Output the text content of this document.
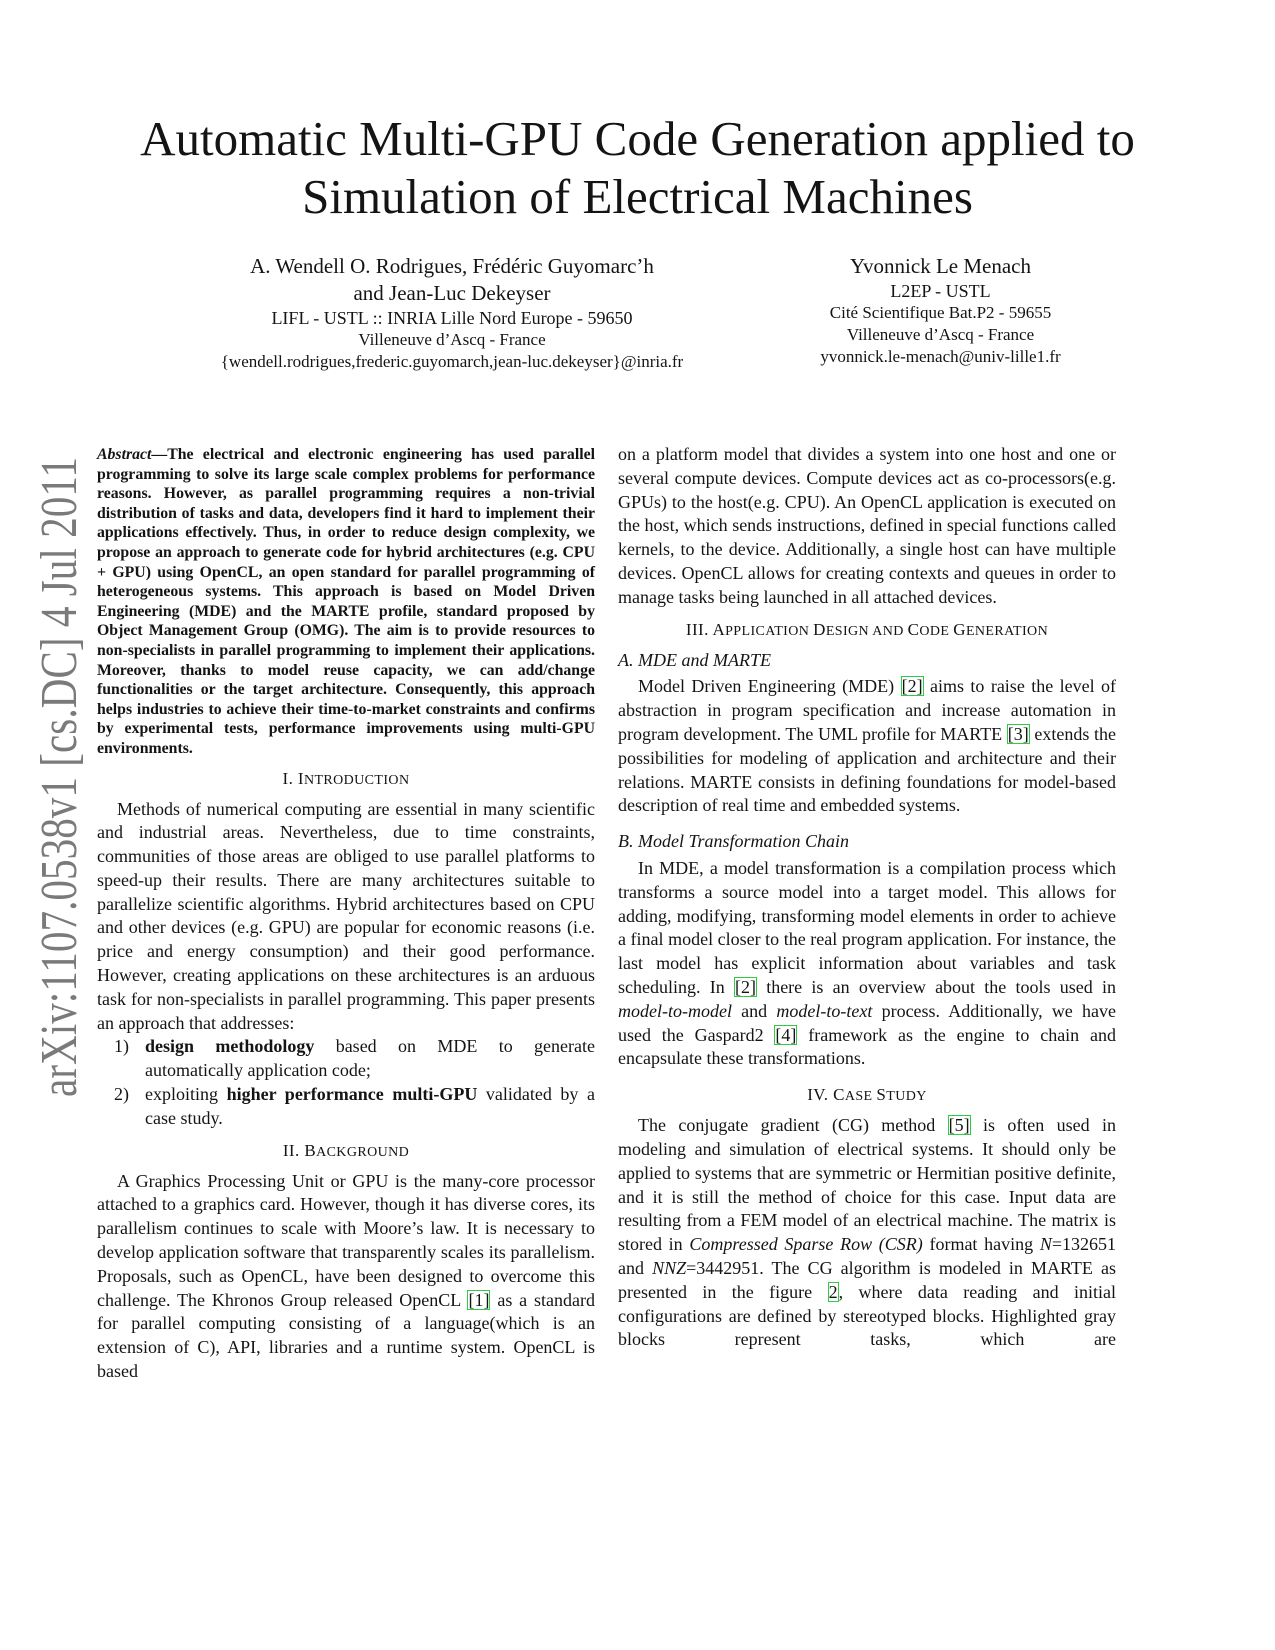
arXiv:1107.0538v1 [cs.DC] 4 Jul 2011
Automatic Multi-GPU Code Generation applied to
Simulation of Electrical Machines
A. Wendell O. Rodrigues, Frédéric Guyomarc’h
and Jean-Luc Dekeyser
LIFL - USTL :: INRIA Lille Nord Europe - 59650
Villeneuve d’Ascq - France
{wendell.rodrigues,frederic.guyomarch,jean-luc.dekeyser}@inria.fr
Yvonnick Le Menach
L2EP - USTL
Cité Scientifique Bat.P2 - 59655
Villeneuve d’Ascq - France
yvonnick.le-menach@univ-lille1.fr
Abstract—The electrical and electronic engineering has used parallel programming to solve its large scale complex problems for performance reasons. However, as parallel programming requires a non-trivial distribution of tasks and data, developers find it hard to implement their applications effectively. Thus, in order to reduce design complexity, we propose an approach to generate code for hybrid architectures (e.g. CPU + GPU) using OpenCL, an open standard for parallel programming of heterogeneous systems. This approach is based on Model Driven Engineering (MDE) and the MARTE profile, standard proposed by Object Management Group (OMG). The aim is to provide resources to non-specialists in parallel programming to implement their applications. Moreover, thanks to model reuse capacity, we can add/change functionalities or the target architecture. Consequently, this approach helps industries to achieve their time-to-market constraints and confirms by experimental tests, performance improvements using multi-GPU environments.
I. INTRODUCTION

Methods of numerical computing are essential in many scientific and industrial areas. Nevertheless, due to time constraints, communities of those areas are obliged to use parallel platforms to speed-up their results. There are many architectures suitable to parallelize scientific algorithms. Hybrid architectures based on CPU and other devices (e.g. GPU) are popular for economic reasons (i.e. price and energy consumption) and their good performance. However, creating applications on these architectures is an arduous task for non-specialists in parallel programming. This paper presents an approach that addresses:

1) design methodology based on MDE to generate automatically application code;
2) exploiting higher performance multi-GPU validated by a case study.
II. BACKGROUND

A Graphics Processing Unit or GPU is the many-core processor attached to a graphics card. However, though it has diverse cores, its parallelism continues to scale with Moore’s law. It is necessary to develop application software that transparently scales its parallelism. Proposals, such as OpenCL, have been designed to overcome this challenge. The Khronos Group released OpenCL [1] as a standard for parallel computing consisting of a language(which is an extension of C), API, libraries and a runtime system. OpenCL is based

on a platform model that divides a system into one host and one or several compute devices. Compute devices act as co-processors(e.g. GPUs) to the host(e.g. CPU). An OpenCL application is executed on the host, which sends instructions, defined in special functions called kernels, to the device. Additionally, a single host can have multiple devices. OpenCL allows for creating contexts and queues in order to manage tasks being launched in all attached devices.

III. APPLICATION DESIGN AND CODE GENERATION
A. MDE and MARTE

Model Driven Engineering (MDE) [2] aims to raise the level of abstraction in program specification and increase automation in program development. The UML profile for MARTE [3] extends the possibilities for modeling of application and architecture and their relations. MARTE consists in defining foundations for model-based description of real time and embedded systems.

B. Model Transformation Chain

In MDE, a model transformation is a compilation process which transforms a source model into a target model. This allows for adding, modifying, transforming model elements in order to achieve a final model closer to the real program application. For instance, the last model has explicit information about variables and task scheduling. In [2] there is an overview about the tools used in model-to-model and model-to-text process. Additionally, we have used the Gaspard2 [4] framework as the engine to chain and encapsulate these transformations.

IV. CASE STUDY

The conjugate gradient (CG) method [5] is often used in modeling and simulation of electrical systems. It should only be applied to systems that are symmetric or Hermitian positive definite, and it is still the method of choice for this case. Input data are resulting from a FEM model of an electrical machine. The matrix is stored in Compressed Sparse Row (CSR) format having N=132651 and NNZ=3442951. The CG algorithm is modeled in MARTE as presented in the figure 2, where data reading and initial configurations are defined by stereotyped blocks. Highlighted gray blocks represent tasks, which are
